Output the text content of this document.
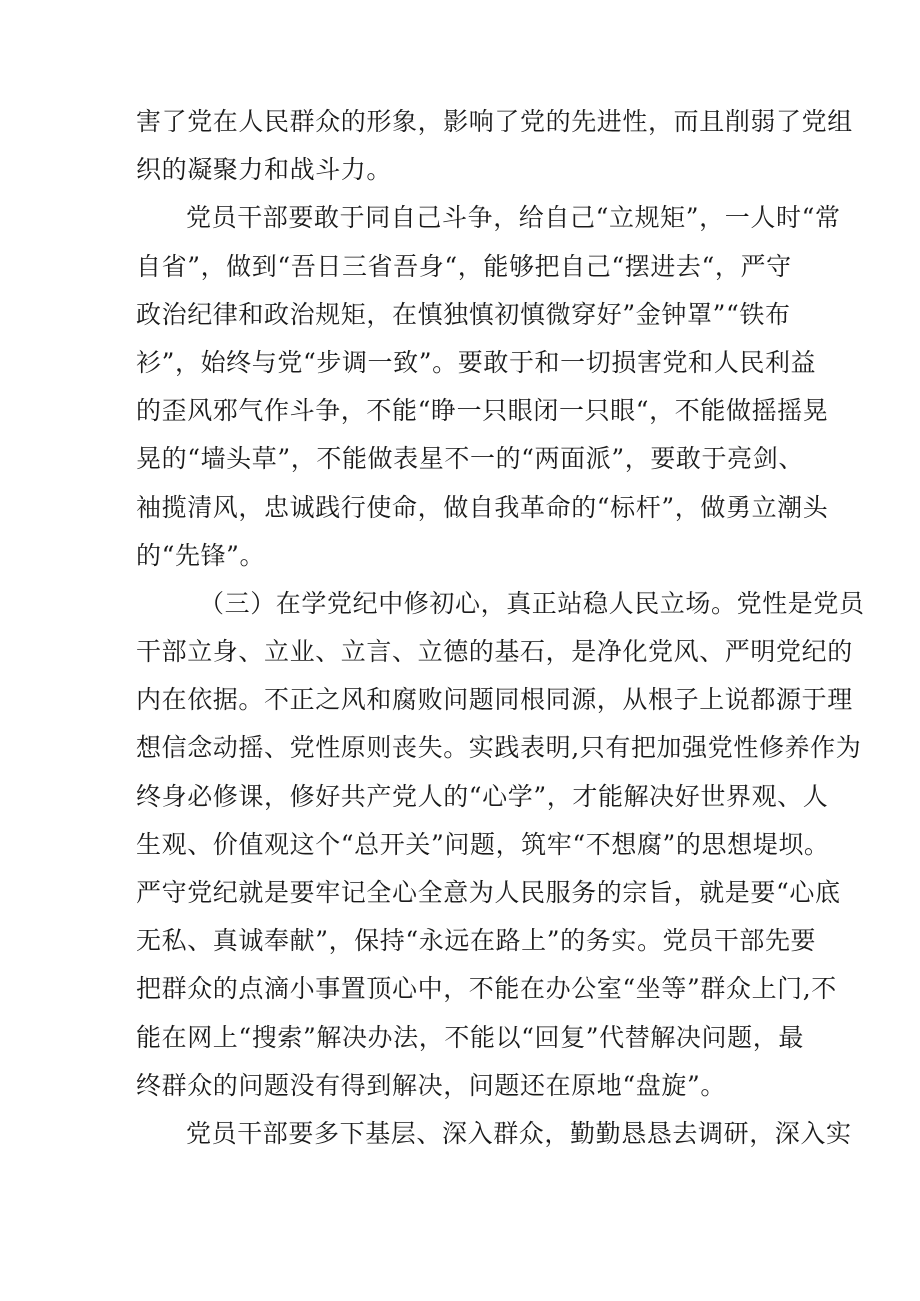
害了党在人民群众的形象，影响了党的先进性，而且削弱了党组
织的凝聚力和战斗力。
党员干部要敢于同自己斗争，给自己“立规矩”，一人时“常
自省”，做到“吾日三省吾身“，能够把自己“摆进去“，严守
政治纪律和政治规矩，在慎独慎初慎微穿好”金钟罩”“铁布
衫”，始终与党“步调一致”。要敢于和一切损害党和人民利益
的歪风邪气作斗争，不能“睁一只眼闭一只眼“，不能做摇摇晃
晃的“墙头草”，不能做表星不一的“两面派”，要敢于亮剑、
袖揽清风，忠诚践行使命，做自我革命的“标杆”，做勇立潮头
的“先锋”。
（三）在学党纪中修初心，真正站稳人民立场。党性是党员
干部立身、立业、立言、立德的基石，是净化党风、严明党纪的
内在依据。不正之风和腐败问题同根同源，从根子上说都源于理
想信念动摇、党性原则丧失。实践表明,只有把加强党性修养作为
终身必修课，修好共产党人的“心学”，才能解决好世界观、人
生观、价值观这个“总开关”问题，筑牢“不想腐”的思想堤坝。
严守党纪就是要牢记全心全意为人民服务的宗旨，就是要“心底
无私、真诚奉献”，保持“永远在路上”的务实。党员干部先要
把群众的点滴小事置顶心中，不能在办公室“坐等”群众上门,不
能在网上“搜索”解决办法，不能以“回复”代替解决问题，最
终群众的问题没有得到解决，问题还在原地“盘旋”。
党员干部要多下基层、深入群众，勤勤恳恳去调研，深入实
